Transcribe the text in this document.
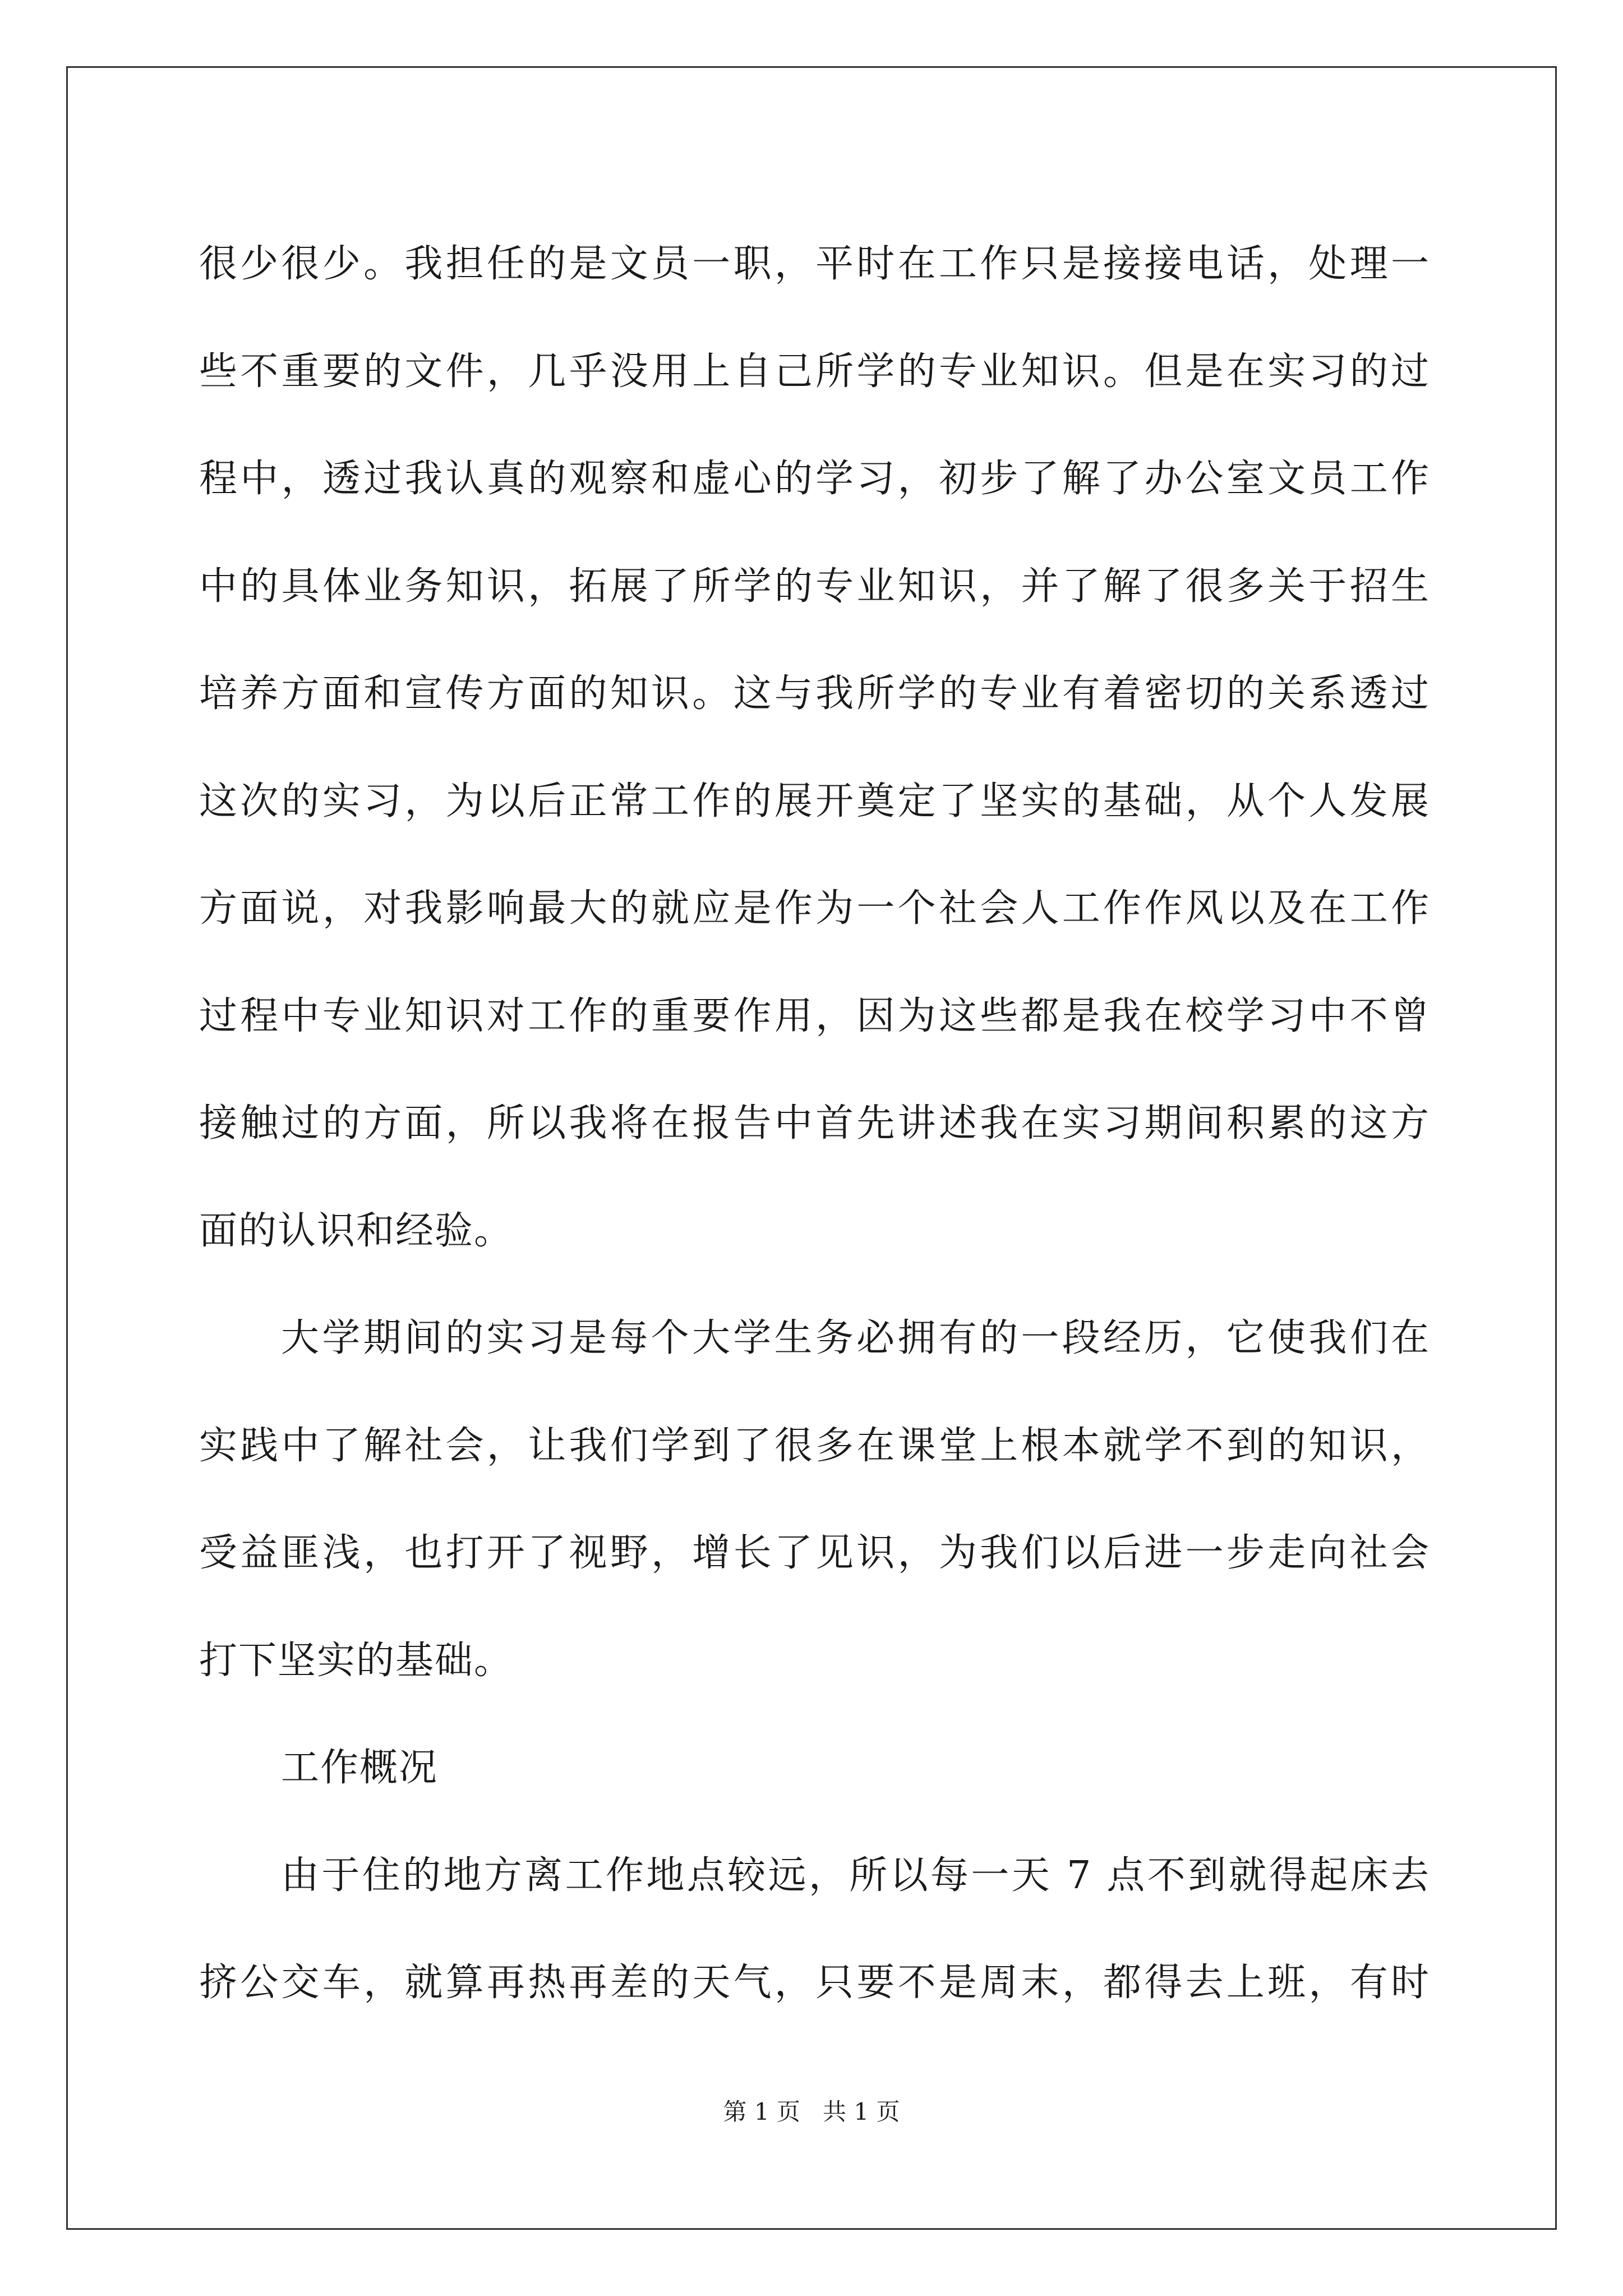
很少很少。我担任的是文员一职，平时在工作只是接接电话，处理一
些不重要的文件，几乎没用上自己所学的专业知识。但是在实习的过
程中，透过我认真的观察和虚心的学习，初步了解了办公室文员工作
中的具体业务知识，拓展了所学的专业知识，并了解了很多关于招生
培养方面和宣传方面的知识。这与我所学的专业有着密切的关系透过
这次的实习，为以后正常工作的展开奠定了坚实的基础，从个人发展
方面说，对我影响最大的就应是作为一个社会人工作作风以及在工作
过程中专业知识对工作的重要作用，因为这些都是我在校学习中不曾
接触过的方面，所以我将在报告中首先讲述我在实习期间积累的这方
面的认识和经验。
大学期间的实习是每个大学生务必拥有的一段经历，它使我们在
实践中了解社会，让我们学到了很多在课堂上根本就学不到的知识，
受益匪浅，也打开了视野，增长了见识，为我们以后进一步走向社会
打下坚实的基础。
工作概况
由于住的地方离工作地点较远，所以每一天 7 点不到就得起床去
挤公交车，就算再热再差的天气，只要不是周末，都得去上班，有时
第 1 页 共 1 页
